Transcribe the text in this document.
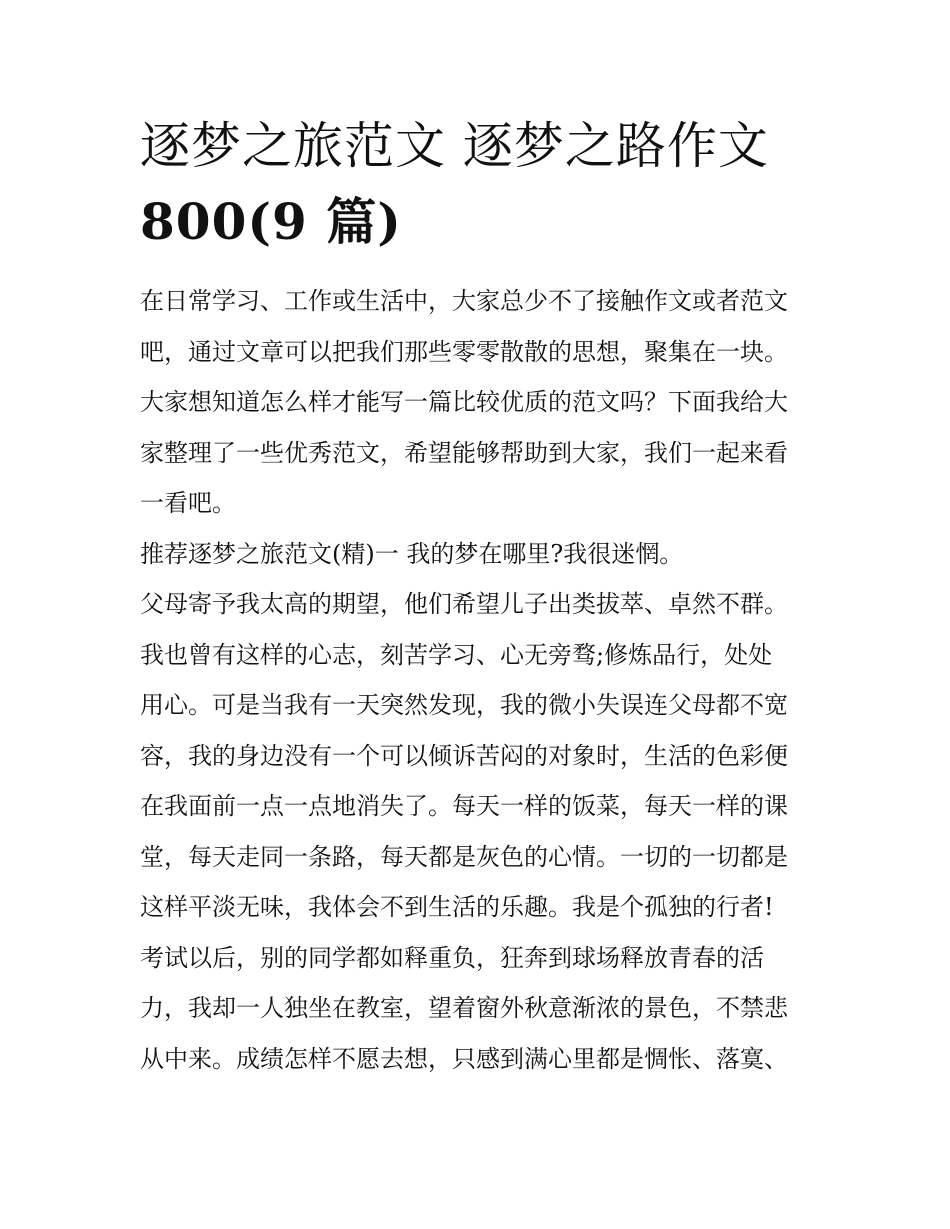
逐梦之旅范文 逐梦之路作文
800(9 篇)
在日常学习、工作或生活中，大家总少不了接触作文或者范文
吧，通过文章可以把我们那些零零散散的思想，聚集在一块。
大家想知道怎么样才能写一篇比较优质的范文吗？下面我给大
家整理了一些优秀范文，希望能够帮助到大家，我们一起来看
一看吧。
推荐逐梦之旅范文(精)一 我的梦在哪里?我很迷惘。
父母寄予我太高的期望，他们希望儿子出类拔萃、卓然不群。
我也曾有这样的心志，刻苦学习、心无旁骛;修炼品行，处处
用心。可是当我有一天突然发现，我的微小失误连父母都不宽
容，我的身边没有一个可以倾诉苦闷的对象时，生活的色彩便
在我面前一点一点地消失了。每天一样的饭菜，每天一样的课
堂，每天走同一条路，每天都是灰色的心情。一切的一切都是
这样平淡无味，我体会不到生活的乐趣。我是个孤独的行者!
考试以后，别的同学都如释重负，狂奔到球场释放青春的活
力，我却一人独坐在教室，望着窗外秋意渐浓的景色，不禁悲
从中来。成绩怎样不愿去想，只感到满心里都是惆怅、落寞、
